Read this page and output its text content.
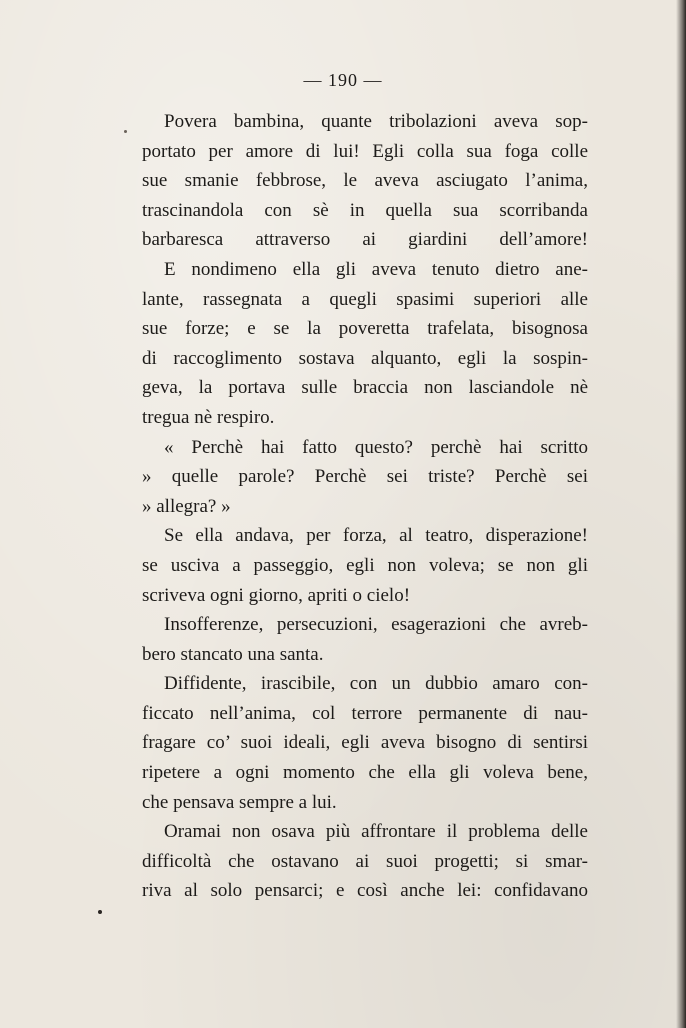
— 190 —
Povera bambina, quante tribolazioni aveva sop-
portato per amore di lui! Egli colla sua foga colle
sue smanie febbrose, le aveva asciugato l’anima,
trascinandola con sè in quella sua scorribanda
barbaresca attraverso ai giardini dell’amore!
E nondimeno ella gli aveva tenuto dietro ane-
lante, rassegnata a quegli spasimi superiori alle
sue forze; e se la poveretta trafelata, bisognosa
di raccoglimento sostava alquanto, egli la sospin-
geva, la portava sulle braccia non lasciandole nè
tregua nè respiro.
« Perchè hai fatto questo? perchè hai scritto
» quelle parole? Perchè sei triste? Perchè sei
» allegra? »
Se ella andava, per forza, al teatro, disperazione!
se usciva a passeggio, egli non voleva; se non gli
scriveva ogni giorno, apriti o cielo!
Insofferenze, persecuzioni, esagerazioni che avreb-
bero stancato una santa.
Diffidente, irascibile, con un dubbio amaro con-
ficcato nell’anima, col terrore permanente di nau-
fragare co’ suoi ideali, egli aveva bisogno di sentirsi
ripetere a ogni momento che ella gli voleva bene,
che pensava sempre a lui.
Oramai non osava più affrontare il problema delle
difficoltà che ostavano ai suoi progetti; si smar-
riva al solo pensarci; e così anche lei: confidavano
